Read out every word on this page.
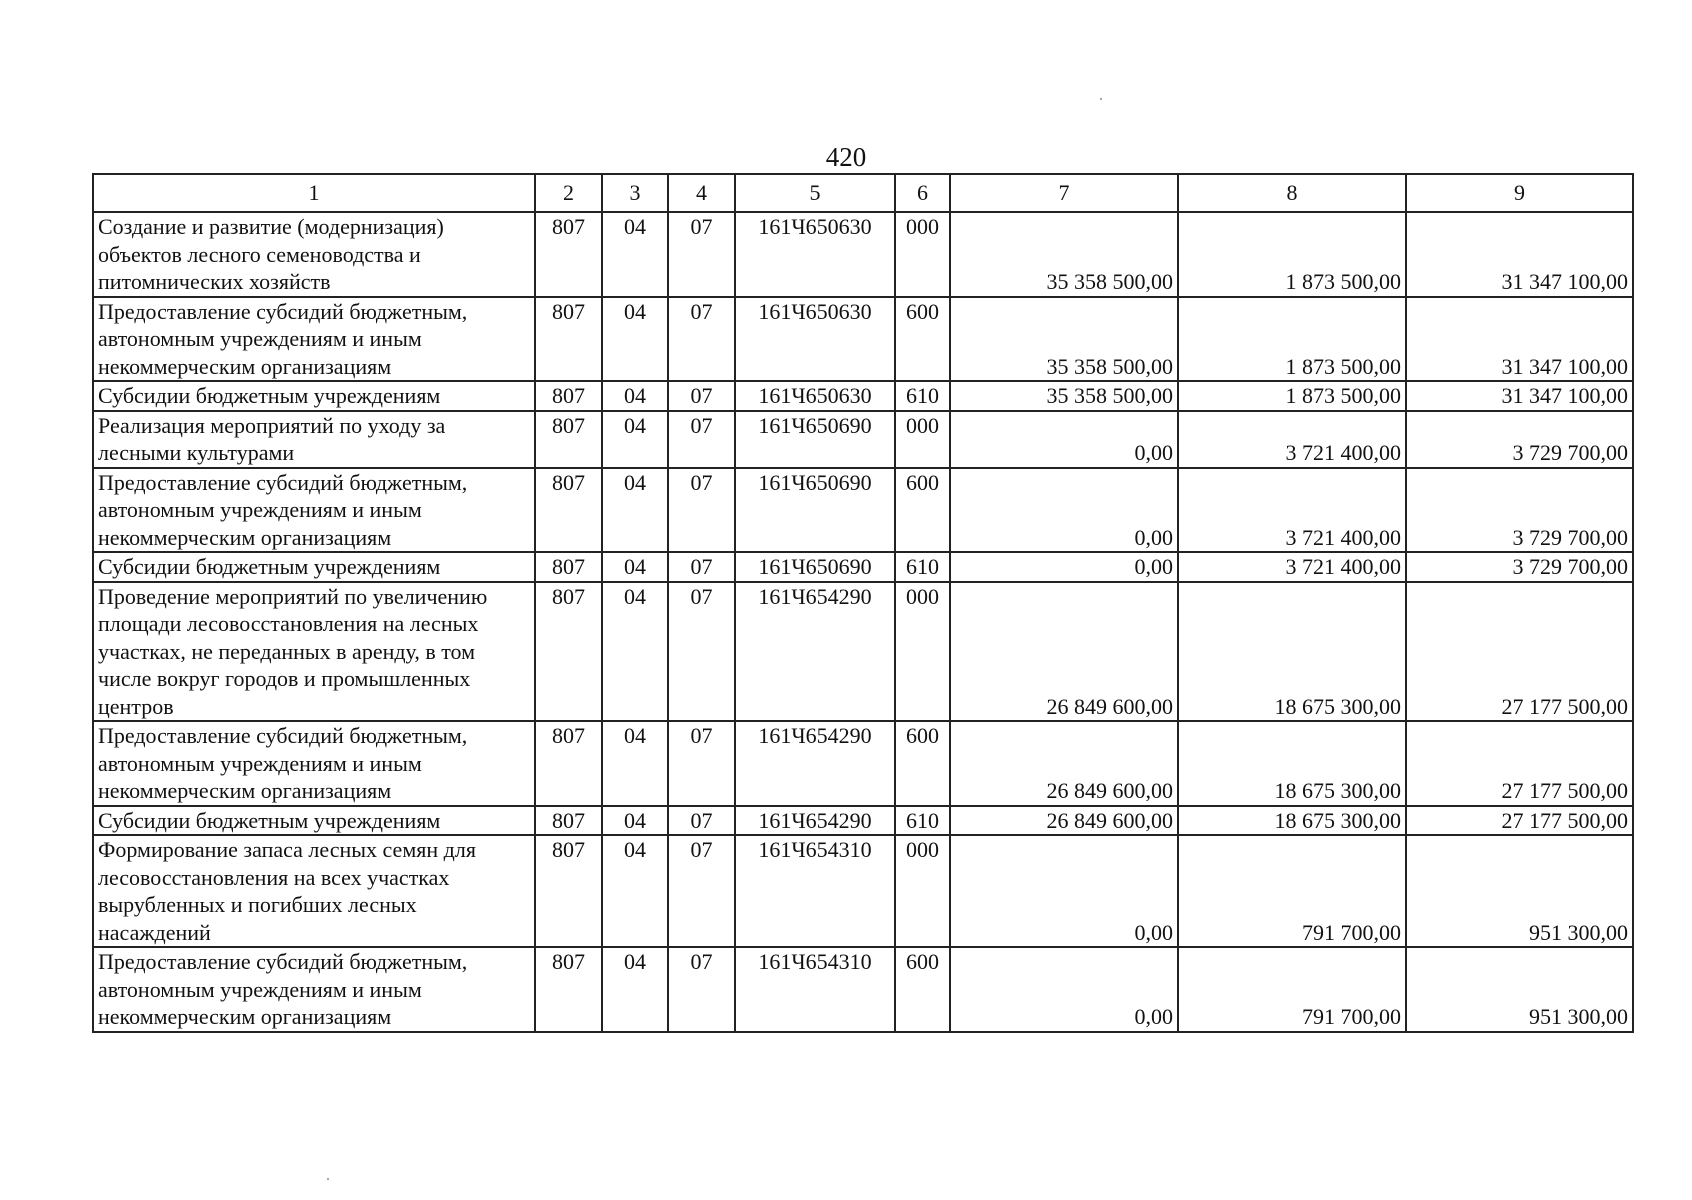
420
1	2	3	4	5	6	7	8	9
Создание и развитие (модернизация) объектов лесного семеноводства и питомнических хозяйств	807	04	07	161Ч650630	000	35 358 500,00	1 873 500,00	31 347 100,00
Предоставление субсидий бюджетным, автономным учреждениям и иным некоммерческим организациям	807	04	07	161Ч650630	600	35 358 500,00	1 873 500,00	31 347 100,00
Субсидии бюджетным учреждениям	807	04	07	161Ч650630	610	35 358 500,00	1 873 500,00	31 347 100,00
Реализация мероприятий по уходу за лесными культурами	807	04	07	161Ч650690	000	0,00	3 721 400,00	3 729 700,00
Предоставление субсидий бюджетным, автономным учреждениям и иным некоммерческим организациям	807	04	07	161Ч650690	600	0,00	3 721 400,00	3 729 700,00
Субсидии бюджетным учреждениям	807	04	07	161Ч650690	610	0,00	3 721 400,00	3 729 700,00
Проведение мероприятий по увеличению площади лесовосстановления на лесных участках, не переданных в аренду, в том числе вокруг городов и промышленных центров	807	04	07	161Ч654290	000	26 849 600,00	18 675 300,00	27 177 500,00
Предоставление субсидий бюджетным, автономным учреждениям и иным некоммерческим организациям	807	04	07	161Ч654290	600	26 849 600,00	18 675 300,00	27 177 500,00
Субсидии бюджетным учреждениям	807	04	07	161Ч654290	610	26 849 600,00	18 675 300,00	27 177 500,00
Формирование запаса лесных семян для лесовосстановления на всех участках вырубленных и погибших лесных насаждений	807	04	07	161Ч654310	000	0,00	791 700,00	951 300,00
Предоставление субсидий бюджетным, автономным учреждениям и иным некоммерческим организациям	807	04	07	161Ч654310	600	0,00	791 700,00	951 300,00
